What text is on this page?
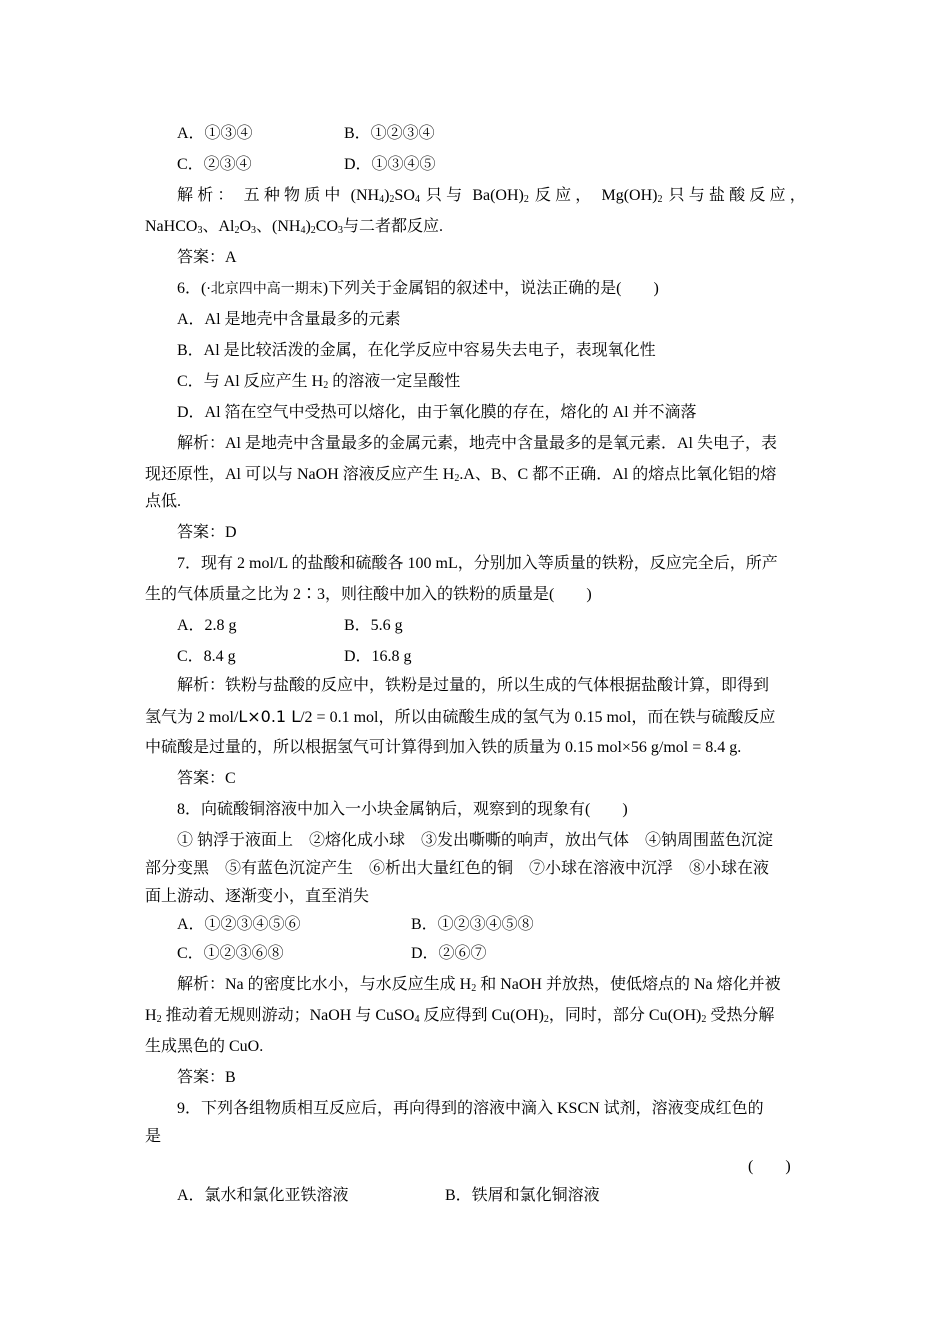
A．①③④	B．①②③④
C．②③④	D．①③④⑤
解析： 五种物质中 $(NH_4)_2SO_4$ 只与 $Ba(OH)_2$ 反应， $Mg(OH)_2$ 只与盐酸反应，
NaHCO$_3$、$Al_2O_3$、$(NH_4)_2CO_3$与二者都反应.
答案：A
6．(·北京四中高一期末)下列关于金属铝的叙述中，说法正确的是(　　)
A．Al 是地壳中含量最多的元素
B．Al 是比较活泼的金属，在化学反应中容易失去电子，表现氧化性
C．与 Al 反应产生 $H_2$ 的溶液一定呈酸性
D．Al 箔在空气中受热可以熔化，由于氧化膜的存在，熔化的 Al 并不滴落
解析：Al 是地壳中含量最多的金属元素，地壳中含量最多的是氧元素．Al 失电子，表
现还原性，Al 可以与 NaOH 溶液反应产生 $H_2.A$、B、C 都不正确．Al 的熔点比氧化铝的熔
点低.
答案：D
7．现有 2 mol/L 的盐酸和硫酸各 100 mL，分别加入等质量的铁粉，反应完全后，所产
生的气体质量之比为 2∶3，则往酸中加入的铁粉的质量是(　　)
A．2.8 g	B．5.6 g
C．8.4 g	D．16.8 g
解析：铁粉与盐酸的反应中，铁粉是过量的，所以生成的气体根据盐酸计算，即得到
氢气为 2 mol/L×0.1 L/2 = 0.1 mol，所以由硫酸生成的氢气为 0.15 mol，而在铁与硫酸反应
中硫酸是过量的，所以根据氢气可计算得到加入铁的质量为 0.15 mol×56 g/mol = 8.4 g.
答案：C
8．向硫酸铜溶液中加入一小块金属钠后，观察到的现象有(　　)
① 钠浮于液面上　②熔化成小球　③发出嘶嘶的响声，放出气体　④钠周围蓝色沉淀
部分变黑　⑤有蓝色沉淀产生　⑥析出大量红色的铜　⑦小球在溶液中沉浮　⑧小球在液
面上游动、逐渐变小，直至消失
A．①②③④⑤⑥	B．①②③④⑤⑧
C．①②③⑥⑧	D．②⑥⑦
解析：Na 的密度比水小，与水反应生成 $H_2$ 和 NaOH 并放热，使低熔点的 Na 熔化并被
$H_2$ 推动着无规则游动；NaOH 与 CuSO$_4$ 反应得到 $Cu(OH)_2$，同时，部分 $Cu(OH)_2$ 受热分解
生成黑色的 CuO.
答案：B
9．下列各组物质相互反应后，再向得到的溶液中滴入 KSCN 试剂，溶液变成红色的
是
(　　)
A．氯水和氯化亚铁溶液	B．铁屑和氯化铜溶液
